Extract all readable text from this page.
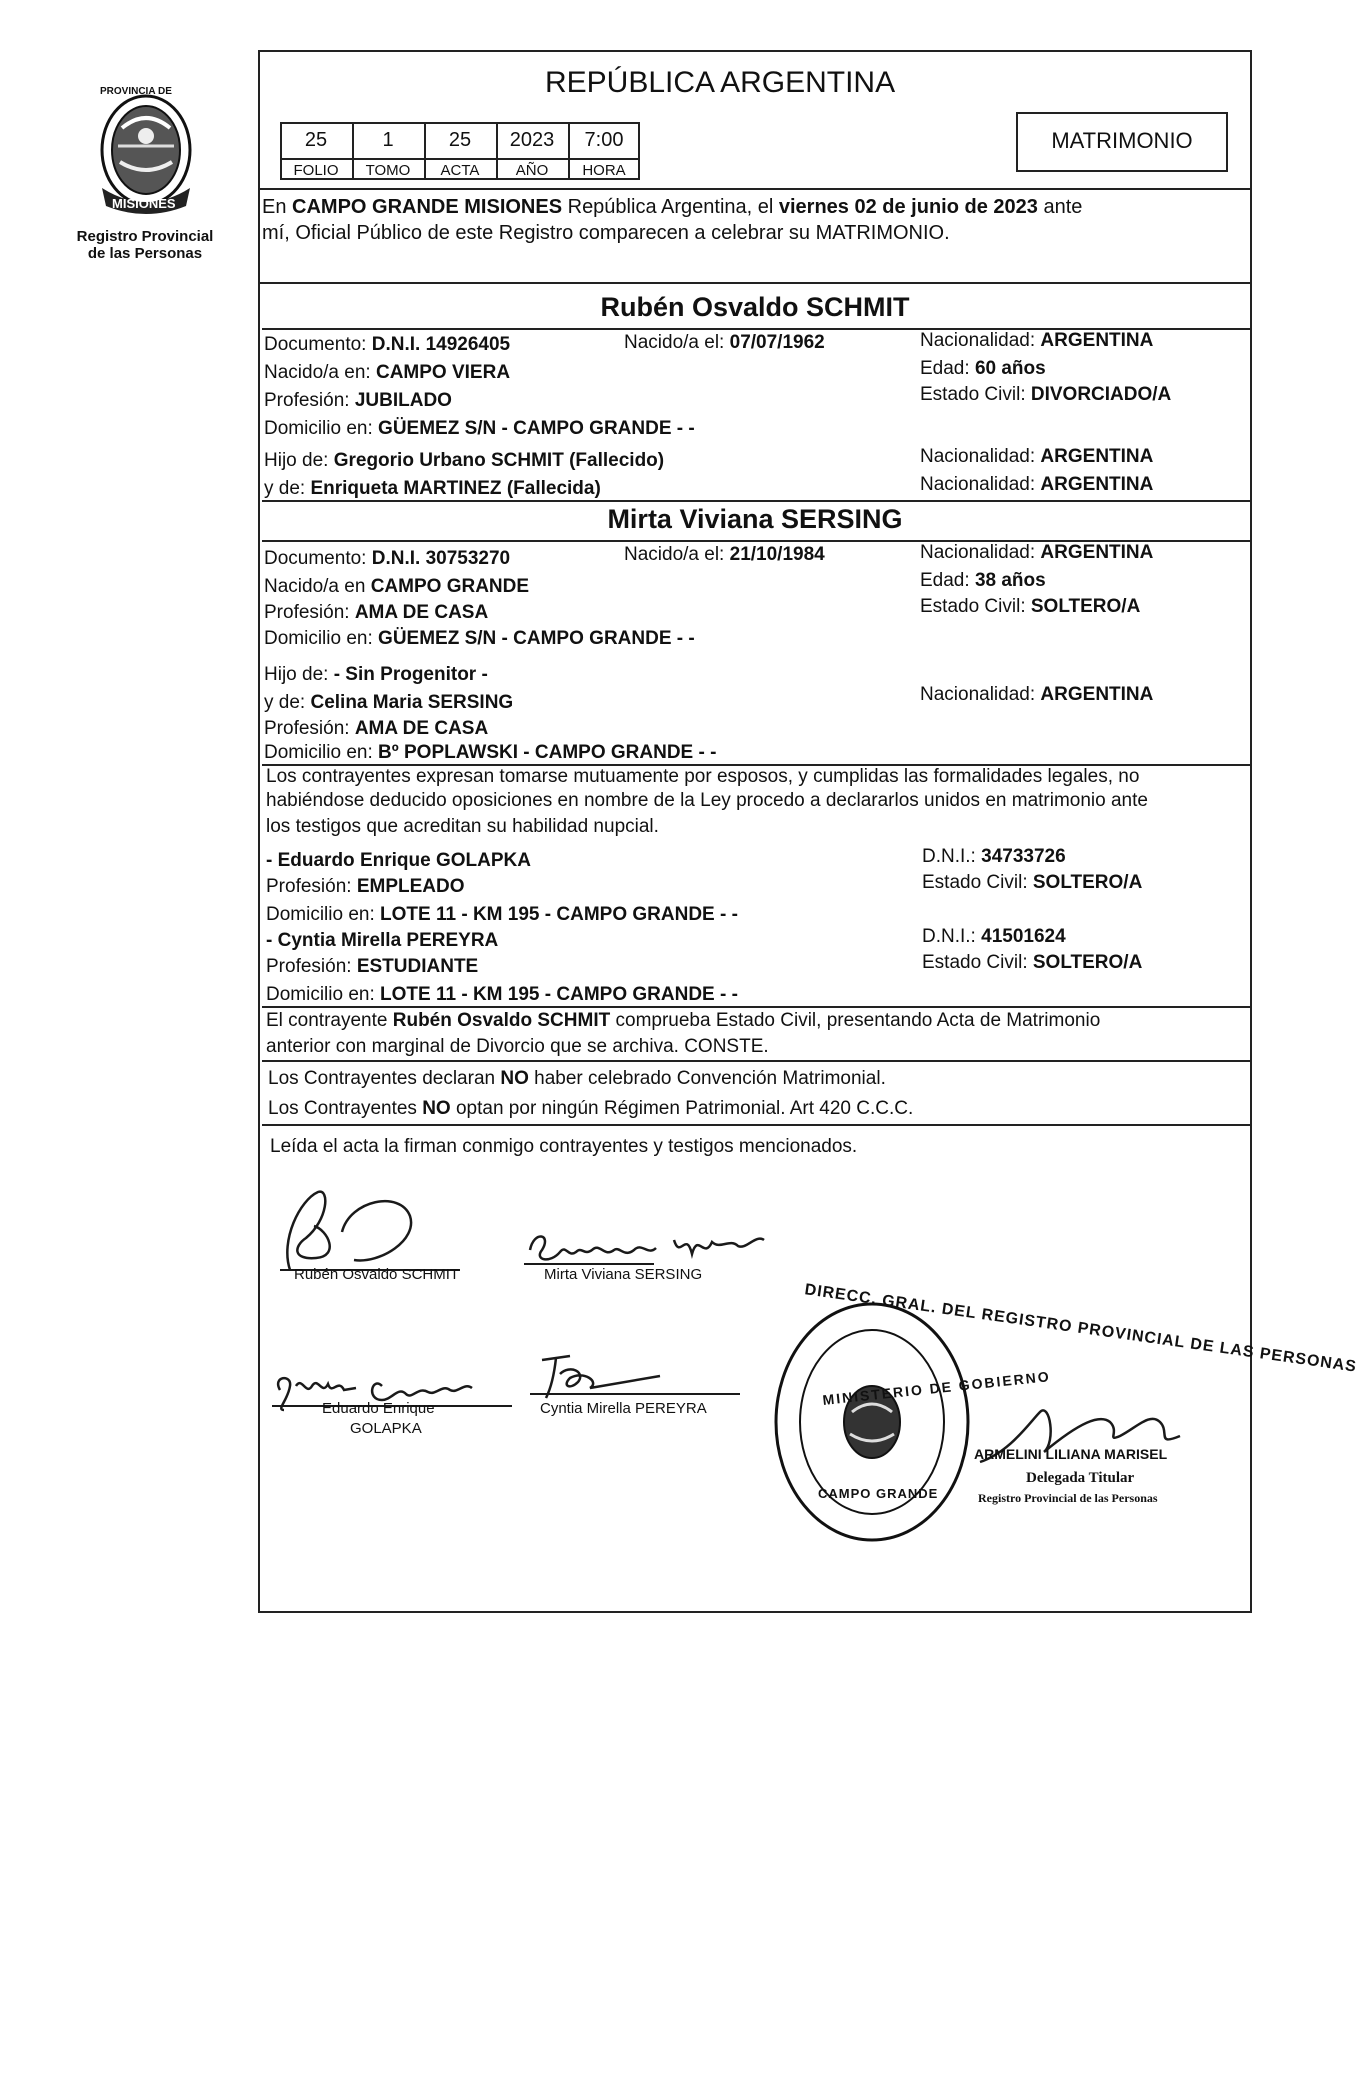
PROVINCIA DE
MISIONES
Registro Provincial
de las Personas
REPÚBLICA ARGENTINA
25	1	25	2023	7:00
FOLIO	TOMO	ACTA	AÑO	HORA
MATRIMONIO
En CAMPO GRANDE MISIONES República Argentina, el viernes 02 de junio de 2023 ante
mí, Oficial Público de este Registro comparecen a celebrar su MATRIMONIO.
Rubén Osvaldo SCHMIT
Documento: D.N.I. 14926405	Nacido/a el: 07/07/1962	Nacionalidad: ARGENTINA
Nacido/a en: CAMPO VIERA	Edad: 60 años
Profesión: JUBILADO	Estado Civil: DIVORCIADO/A
Domicilio en: GÜEMEZ S/N - CAMPO GRANDE - -
Hijo de: Gregorio Urbano SCHMIT (Fallecido)	Nacionalidad: ARGENTINA
y de: Enriqueta MARTINEZ (Fallecida)	Nacionalidad: ARGENTINA
Mirta Viviana SERSING
Documento: D.N.I. 30753270	Nacido/a el: 21/10/1984	Nacionalidad: ARGENTINA
Nacido/a en CAMPO GRANDE	Edad: 38 años
Profesión: AMA DE CASA	Estado Civil: SOLTERO/A
Domicilio en: GÜEMEZ S/N - CAMPO GRANDE - -
Hijo de: - Sin Progenitor -
y de: Celina Maria SERSING	Nacionalidad: ARGENTINA
Profesión: AMA DE CASA
Domicilio en: Bº POPLAWSKI - CAMPO GRANDE - -
Los contrayentes expresan tomarse mutuamente por esposos, y cumplidas las formalidades legales, no
habiéndose deducido oposiciones en nombre de la Ley procedo a declararlos unidos en matrimonio ante
los testigos que acreditan su habilidad nupcial.
- Eduardo Enrique GOLAPKA	D.N.I.: 34733726
Profesión: EMPLEADO	Estado Civil: SOLTERO/A
Domicilio en: LOTE 11 - KM 195 - CAMPO GRANDE - -
- Cyntia Mirella PEREYRA	D.N.I.: 41501624
Profesión: ESTUDIANTE	Estado Civil: SOLTERO/A
Domicilio en: LOTE 11 - KM 195 - CAMPO GRANDE - -
El contrayente Rubén Osvaldo SCHMIT comprueba Estado Civil, presentando Acta de Matrimonio
anterior con marginal de Divorcio que se archiva. CONSTE.
Los Contrayentes declaran NO haber celebrado Convención Matrimonial.
Los Contrayentes NO optan por ningún Régimen Patrimonial. Art 420 C.C.C.
Leída el acta la firman conmigo contrayentes y testigos mencionados.
Rubén Osvaldo SCHMIT	Mirta Viviana SERSING
Eduardo Enrique
GOLAPKA
Cyntia Mirella PEREYRA
DIRECC. GRAL. DEL REGISTRO PROVINCIAL DE LAS PERSONAS
MINISTERIO DE GOBIERNO
CAMPO GRANDE
ARMELINI LILIANA MARISEL
Delegada Titular
Registro Provincial de las Personas
